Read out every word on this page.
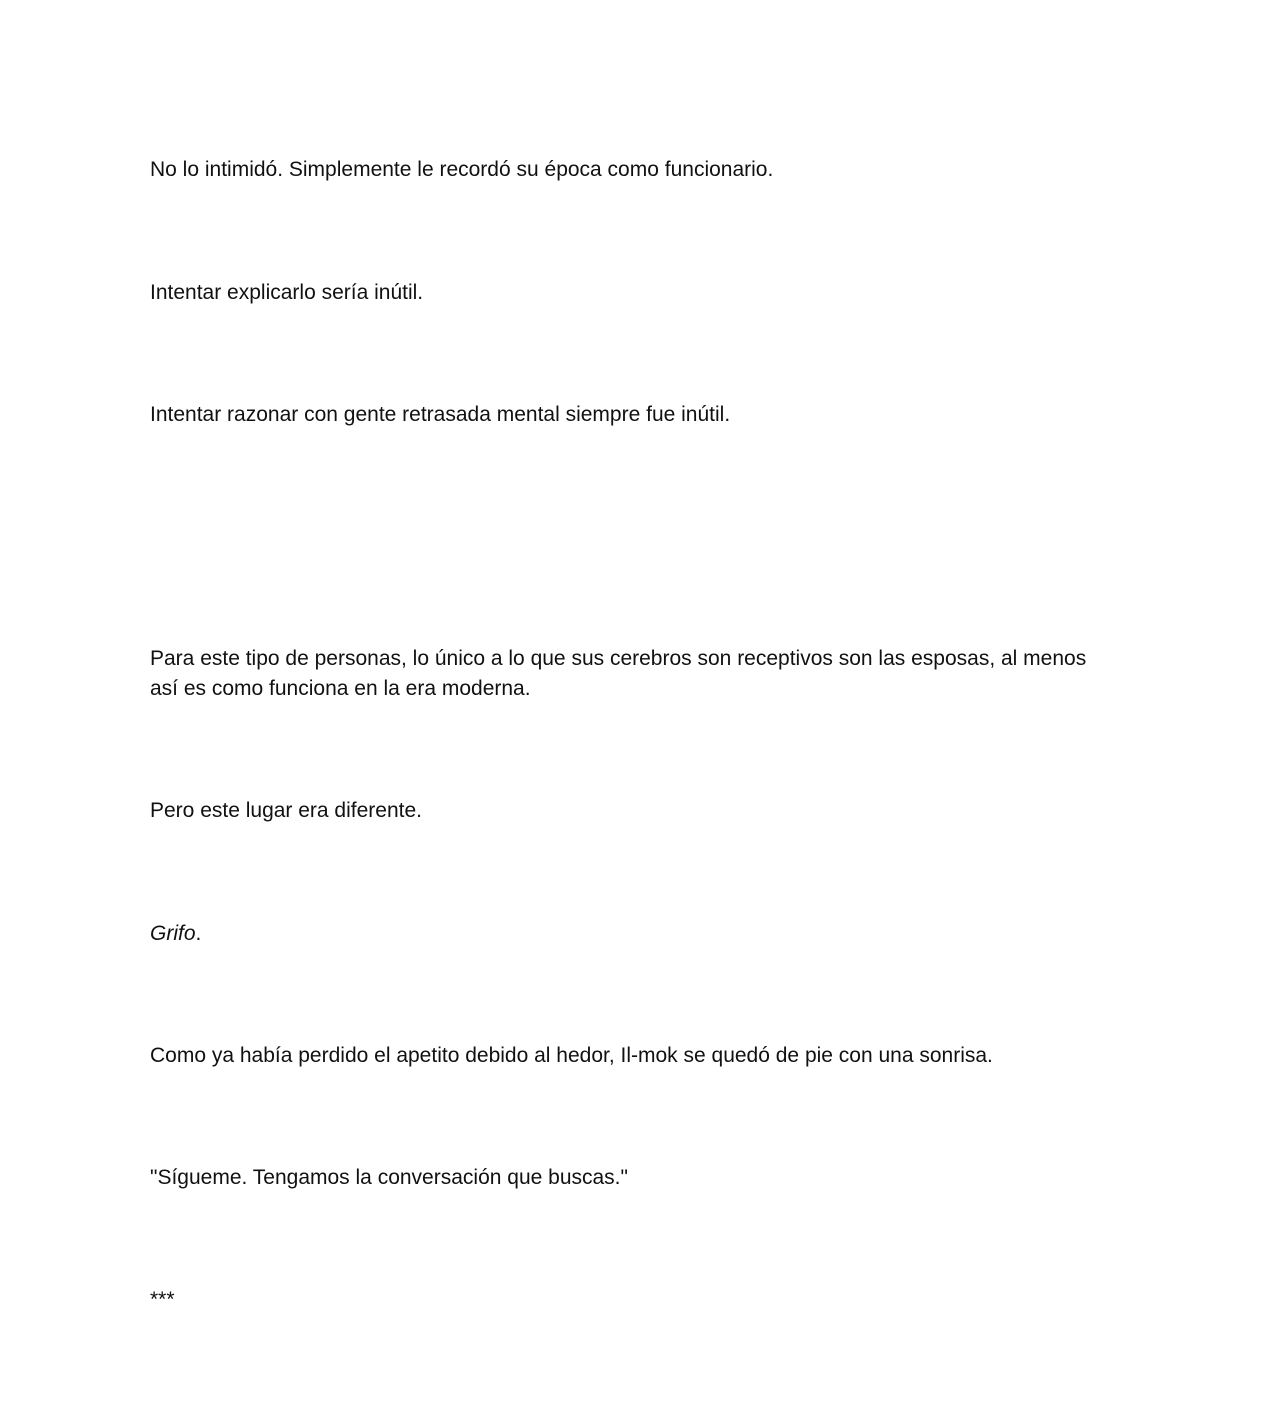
No lo intimidó. Simplemente le recordó su época como funcionario.

Intentar explicarlo sería inútil.

Intentar razonar con gente retrasada mental siempre fue inútil.

Para este tipo de personas, lo único a lo que sus cerebros son receptivos son las esposas, al menos así es como funciona en la era moderna.

Pero este lugar era diferente.

Grifo.

Como ya había perdido el apetito debido al hedor, Il-mok se quedó de pie con una sonrisa.

"Sígueme. Tengamos la conversación que buscas."

***
